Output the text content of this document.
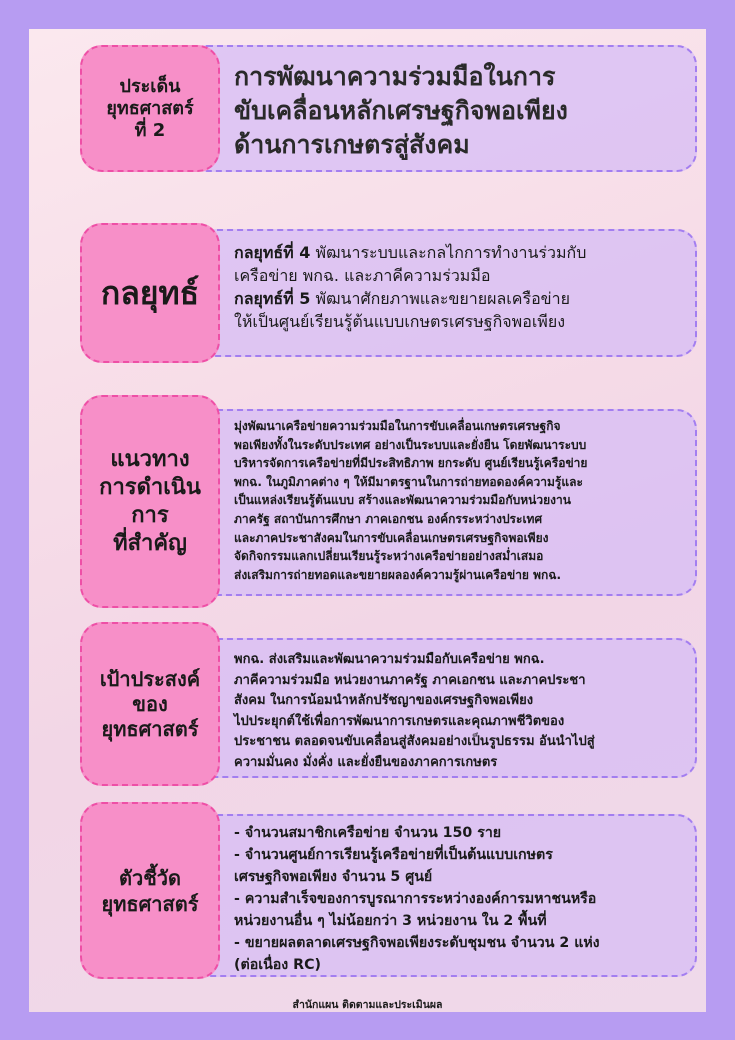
ประเด็น
ยุทธศาสตร์
ที่ 2
การพัฒนาความร่วมมือในการ
ขับเคลื่อนหลักเศรษฐกิจพอเพียง
ด้านการเกษตรสู่สังคม
กลยุทธ์
กลยุทธ์ที่ 4 พัฒนาระบบและกลไกการทำงานร่วมกับ
เครือข่าย พกฉ. และภาคีความร่วมมือ
กลยุทธ์ที่ 5 พัฒนาศักยภาพและขยายผลเครือข่าย
ให้เป็นศูนย์เรียนรู้ต้นแบบเกษตรเศรษฐกิจพอเพียง
แนวทาง
การดำเนิน
การ
ที่สำคัญ
มุ่งพัฒนาเครือข่ายความร่วมมือในการขับเคลื่อนเกษตรเศรษฐกิจ
พอเพียงทั้งในระดับประเทศ อย่างเป็นระบบและยั่งยืน โดยพัฒนาระบบ
บริหารจัดการเครือข่ายที่มีประสิทธิภาพ ยกระดับ ศูนย์เรียนรู้เครือข่าย
พกฉ. ในภูมิภาคต่าง ๆ ให้มีมาตรฐานในการถ่ายทอดองค์ความรู้และ
เป็นแหล่งเรียนรู้ต้นแบบ สร้างและพัฒนาความร่วมมือกับหน่วยงาน
ภาครัฐ สถาบันการศึกษา ภาคเอกชน องค์กรระหว่างประเทศ
และภาคประชาสังคมในการขับเคลื่อนเกษตรเศรษฐกิจพอเพียง
จัดกิจกรรมแลกเปลี่ยนเรียนรู้ระหว่างเครือข่ายอย่างสม่ำเสมอ
ส่งเสริมการถ่ายทอดและขยายผลองค์ความรู้ผ่านเครือข่าย พกฉ.
เป้าประสงค์
ของ
ยุทธศาสตร์
พกฉ. ส่งเสริมและพัฒนาความร่วมมือกับเครือข่าย พกฉ.
ภาคีความร่วมมือ หน่วยงานภาครัฐ ภาคเอกชน และภาคประชา
สังคม ในการน้อมนำหลักปรัชญาของเศรษฐกิจพอเพียง
ไปประยุกต์ใช้เพื่อการพัฒนาการเกษตรและคุณภาพชีวิตของ
ประชาชน ตลอดจนขับเคลื่อนสู่สังคมอย่างเป็นรูปธรรม อันนำไปสู่
ความมั่นคง มั่งคั่ง และยั่งยืนของภาคการเกษตร
ตัวชี้วัด
ยุทธศาสตร์
- จำนวนสมาชิกเครือข่าย จำนวน 150 ราย
- จำนวนศูนย์การเรียนรู้เครือข่ายที่เป็นต้นแบบเกษตร
เศรษฐกิจพอเพียง จำนวน 5 ศูนย์
- ความสำเร็จของการบูรณาการระหว่างองค์การมหาชนหรือ
หน่วยงานอื่น ๆ ไม่น้อยกว่า 3 หน่วยงาน ใน 2 พื้นที่
- ขยายผลตลาดเศรษฐกิจพอเพียงระดับชุมชน จำนวน 2 แห่ง
(ต่อเนื่อง RC)
สำนักแผน ติดตามและประเมินผล
